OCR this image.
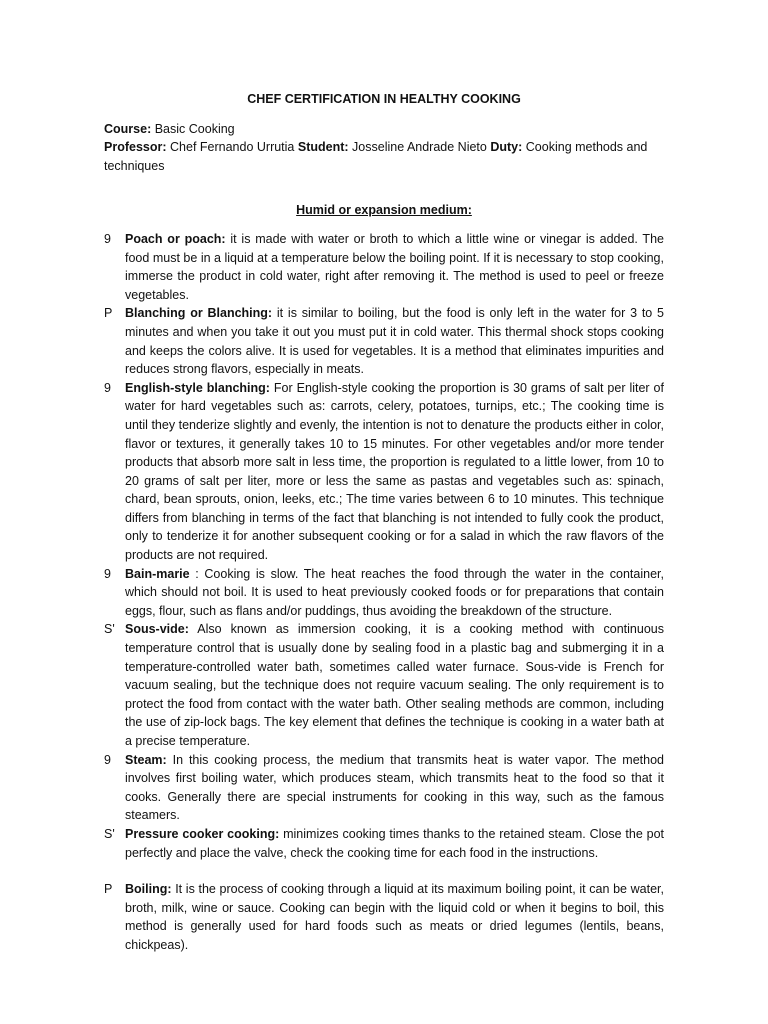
CHEF CERTIFICATION IN HEALTHY COOKING

Course: Basic Cooking
Professor: Chef Fernando Urrutia Student: Josseline Andrade Nieto Duty: Cooking methods and techniques

Humid or expansion medium:

9 Poach or poach: it is made with water or broth to which a little wine or vinegar is added. The food must be in a liquid at a temperature below the boiling point. If it is necessary to stop cooking, immerse the product in cold water, right after removing it. The method is used to peel or freeze vegetables.

P Blanching or Blanching: it is similar to boiling, but the food is only left in the water for 3 to 5 minutes and when you take it out you must put it in cold water. This thermal shock stops cooking and keeps the colors alive. It is used for vegetables. It is a method that eliminates impurities and reduces strong flavors, especially in meats.

9 English-style blanching: For English-style cooking the proportion is 30 grams of salt per liter of water for hard vegetables such as: carrots, celery, potatoes, turnips, etc.; The cooking time is until they tenderize slightly and evenly, the intention is not to denature the products either in color, flavor or textures, it generally takes 10 to 15 minutes. For other vegetables and/or more tender products that absorb more salt in less time, the proportion is regulated to a little lower, from 10 to 20 grams of salt per liter, more or less the same as pastas and vegetables such as: spinach, chard, bean sprouts, onion, leeks, etc.; The time varies between 6 to 10 minutes. This technique differs from blanching in terms of the fact that blanching is not intended to fully cook the product, only to tenderize it for another subsequent cooking or for a salad in which the raw flavors of the products are not required.

9 Bain-marie : Cooking is slow. The heat reaches the food through the water in the container, which should not boil. It is used to heat previously cooked foods or for preparations that contain eggs, flour, such as flans and/or puddings, thus avoiding the breakdown of the structure.

S' Sous-vide: Also known as immersion cooking, it is a cooking method with continuous temperature control that is usually done by sealing food in a plastic bag and submerging it in a temperature-controlled water bath, sometimes called water furnace. Sous-vide is French for vacuum sealing, but the technique does not require vacuum sealing. The only requirement is to protect the food from contact with the water bath. Other sealing methods are common, including the use of zip-lock bags. The key element that defines the technique is cooking in a water bath at a precise temperature.

9 Steam: In this cooking process, the medium that transmits heat is water vapor. The method involves first boiling water, which produces steam, which transmits heat to the food so that it cooks. Generally there are special instruments for cooking in this way, such as the famous steamers.

S' Pressure cooker cooking: minimizes cooking times thanks to the retained steam. Close the pot perfectly and place the valve, check the cooking time for each food in the instructions.

P Boiling: It is the process of cooking through a liquid at its maximum boiling point, it can be water, broth, milk, wine or sauce. Cooking can begin with the liquid cold or when it begins to boil, this method is generally used for hard foods such as meats or dried legumes (lentils, beans, chickpeas).
